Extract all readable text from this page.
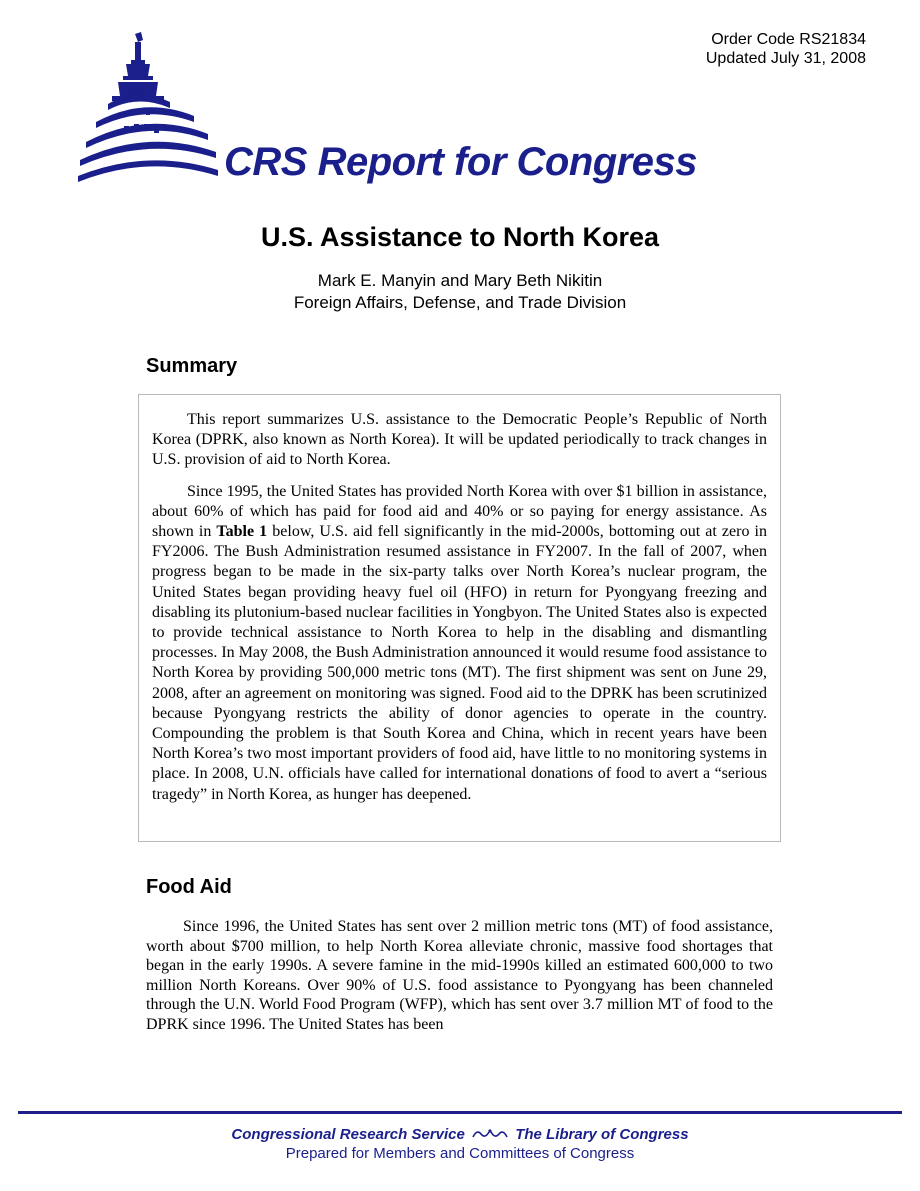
Order Code RS21834
Updated July 31, 2008
CRS Report for Congress
U.S. Assistance to North Korea
Mark E. Manyin and Mary Beth Nikitin
Foreign Affairs, Defense, and Trade Division
Summary

This report summarizes U.S. assistance to the Democratic People’s Republic of North Korea (DPRK, also known as North Korea). It will be updated periodically to track changes in U.S. provision of aid to North Korea.

Since 1995, the United States has provided North Korea with over $1 billion in assistance, about 60% of which has paid for food aid and 40% or so paying for energy assistance. As shown in Table 1 below, U.S. aid fell significantly in the mid-2000s, bottoming out at zero in FY2006. The Bush Administration resumed assistance in FY2007. In the fall of 2007, when progress began to be made in the six-party talks over North Korea’s nuclear program, the United States began providing heavy fuel oil (HFO) in return for Pyongyang freezing and disabling its plutonium-based nuclear facilities in Yongbyon. The United States also is expected to provide technical assistance to North Korea to help in the disabling and dismantling processes. In May 2008, the Bush Administration announced it would resume food assistance to North Korea by providing 500,000 metric tons (MT). The first shipment was sent on June 29, 2008, after an agreement on monitoring was signed. Food aid to the DPRK has been scrutinized because Pyongyang restricts the ability of donor agencies to operate in the country. Compounding the problem is that South Korea and China, which in recent years have been North Korea’s two most important providers of food aid, have little to no monitoring systems in place. In 2008, U.N. officials have called for international donations of food to avert a “serious tragedy” in North Korea, as hunger has deepened.

Food Aid

Since 1996, the United States has sent over 2 million metric tons (MT) of food assistance, worth about $700 million, to help North Korea alleviate chronic, massive food shortages that began in the early 1990s. A severe famine in the mid-1990s killed an estimated 600,000 to two million North Koreans. Over 90% of U.S. food assistance to Pyongyang has been channeled through the U.N. World Food Program (WFP), which has sent over 3.7 million MT of food to the DPRK since 1996. The United States has been

Congressional Research Service	The Library of Congress
Prepared for Members and Committees of Congress
